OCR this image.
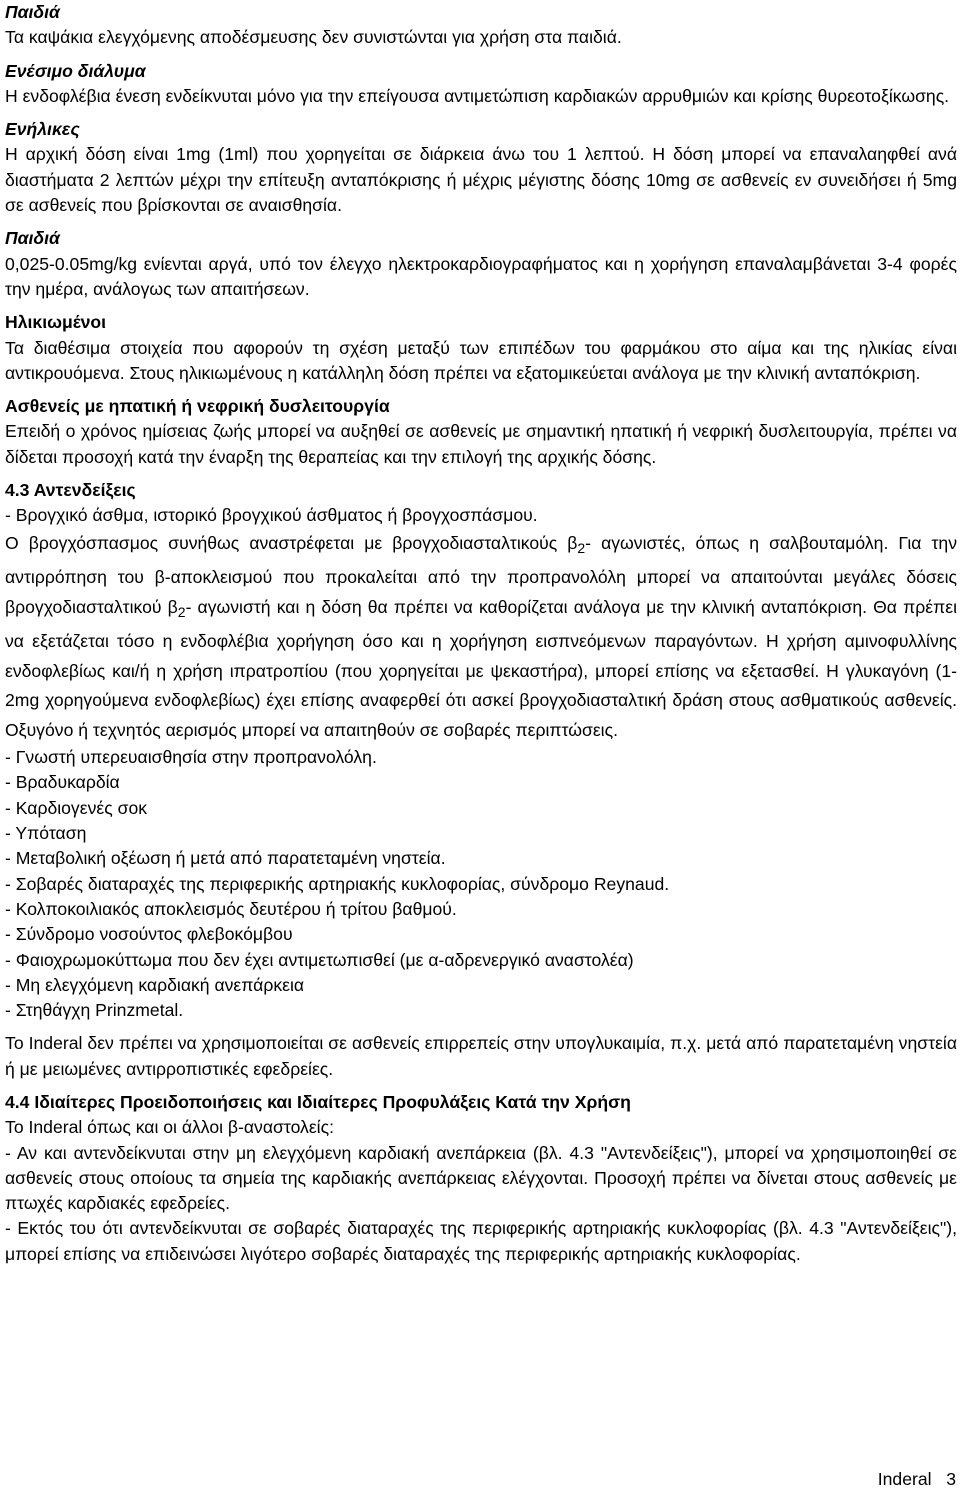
Παιδιά

Τα καψάκια ελεγχόμενης αποδέσμευσης δεν συνιστώνται για χρήση στα παιδιά.

Ενέσιμο διάλυμα

Η ενδοφλέβια ένεση ενδείκνυται μόνο για την επείγουσα αντιμετώπιση καρδιακών αρρυθμιών και κρίσης θυρεοτοξίκωσης.

Ενήλικες

Η αρχική δόση είναι 1mg (1ml) που χορηγείται σε διάρκεια άνω του 1 λεπτού. Η δόση μπορεί να επαναλαηφθεί ανά διαστήματα 2 λεπτών μέχρι την επίτευξη ανταπόκρισης ή μέχρις μέγιστης δόσης 10mg σε ασθενείς εν συνειδήσει ή 5mg σε ασθενείς που βρίσκονται σε αναισθησία.

Παιδιά

0,025-0.05mg/kg ενίενται αργά, υπό τον έλεγχο ηλεκτροκαρδιογραφήματος και η χορήγηση επαναλαμβάνεται 3-4 φορές την ημέρα, ανάλογως των απαιτήσεων.

Ηλικιωμένοι

Τα διαθέσιμα στοιχεία που αφορούν τη σχέση μεταξύ των επιπέδων του φαρμάκου στο αίμα και της ηλικίας είναι αντικρουόμενα. Στους ηλικιωμένους η κατάλληλη δόση πρέπει να εξατομικεύεται ανάλογα με την κλινική ανταπόκριση.

Ασθενείς με ηπατική ή νεφρική δυσλειτουργία

Επειδή ο χρόνος ημίσειας ζωής μπορεί να αυξηθεί σε ασθενείς με σημαντική ηπατική ή νεφρική δυσλειτουργία, πρέπει να δίδεται προσοχή κατά την έναρξη της θεραπείας και την επιλογή της αρχικής δόσης.

4.3 Αντενδείξεις

- Βρογχικό άσθμα, ιστορικό βρογχικού άσθματος ή βρογχοσπάσμου.

Ο βρογχόσπασμος συνήθως αναστρέφεται με βρογχοδιασταλτικούς $\beta_2-$ αγωνιστές, όπως η σαλβουταμόλη. Για την αντιρρόπηση του β-αποκλεισμού που προκαλείται από την προπρανολόλη μπορεί να απαιτούνται μεγάλες δόσεις βρογχοδιασταλτικού $\beta_2-$ αγωνιστή και η δόση θα πρέπει να καθορίζεται ανάλογα με την κλινική ανταπόκριση. Θα πρέπει να εξετάζεται τόσο η ενδοφλέβια χορήγηση όσο και η χορήγηση εισπνεόμενων παραγόντων. Η χρήση αμινοφυλλίνης ενδοφλεβίως και/ή η χρήση ιπρατροπίου (που χορηγείται με ψεκαστήρα), μπορεί επίσης να εξετασθεί. Η γλυκαγόνη (1-2mg χορηγούμενα ενδοφλεβίως) έχει επίσης αναφερθεί ότι ασκεί βρογχοδιασταλτική δράση στους ασθματικούς ασθενείς. Οξυγόνο ή τεχνητός αερισμός μπορεί να απαιτηθούν σε σοβαρές περιπτώσεις.

- Γνωστή υπερευαισθησία στην προπρανολόλη.

- Βραδυκαρδία

- Καρδιογενές σοκ

- Υπόταση

- Μεταβολική οξέωση ή μετά από παρατεταμένη νηστεία.

- Σοβαρές διαταραχές της περιφερικής αρτηριακής κυκλοφορίας, σύνδρομο Reynaud.

- Κολποκοιλιακός αποκλεισμός δευτέρου ή τρίτου βαθμού.

- Σύνδρομο νοσούντος φλεβοκόμβου

- Φαιοχρωμοκύττωμα που δεν έχει αντιμετωπισθεί (με α-αδρενεργικό αναστολέα)

- Μη ελεγχόμενη καρδιακή ανεπάρκεια

- Στηθάγχη Prinzmetal.

Το Inderal δεν πρέπει να χρησιμοποιείται σε ασθενείς επιρρεπείς στην υπογλυκαιμία, π.χ. μετά από παρατεταμένη νηστεία ή με μειωμένες αντιρροπιστικές εφεδρείες.

4.4 Ιδιαίτερες Προειδοποιήσεις και Ιδιαίτερες Προφυλάξεις Κατά την Χρήση

Το Inderal όπως και οι άλλοι β-αναστολείς:

- Αν και αντενδείκνυται στην μη ελεγχόμενη καρδιακή ανεπάρκεια (βλ. 4.3 "Αντενδείξεις"), μπορεί να χρησιμοποιηθεί σε ασθενείς στους οποίους τα σημεία της καρδιακής ανεπάρκειας ελέγχονται. Προσοχή πρέπει να δίνεται στους ασθενείς με πτωχές καρδιακές εφεδρείες.

- Εκτός του ότι αντενδείκνυται σε σοβαρές διαταραχές της περιφερικής αρτηριακής κυκλοφορίας (βλ. 4.3 "Αντενδείξεις"), μπορεί επίσης να επιδεινώσει λιγότερο σοβαρές διαταραχές της περιφερικής αρτηριακής κυκλοφορίας.

Inderal 3
